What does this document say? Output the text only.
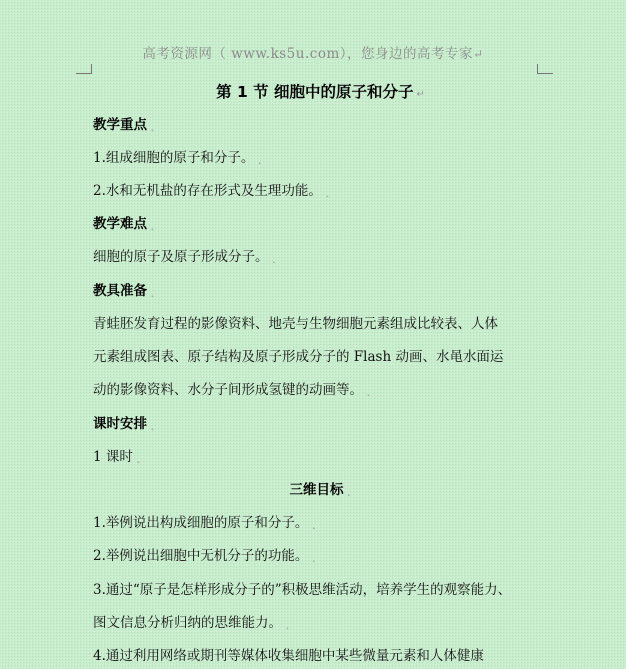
高考资源网（ www.ks5u.com），您身边的高考专家↵
第 1 节 细胞中的原子和分子 ↵
教学重点 ˛
1.组成细胞的原子和分子。 ˛
2.水和无机盐的存在形式及生理功能。 ˛
教学难点 ˛
细胞的原子及原子形成分子。 ˛
教具准备 ˛
青蛙胚发育过程的影像资料、地壳与生物细胞元素组成比较表、人体
元素组成图表、原子结构及原子形成分子的 Flash 动画、水黾水面运
动的影像资料、水分子间形成氢键的动画等。 ˛
课时安排 ˛
1 课时 ˛
三维目标 ˛
1.举例说出构成细胞的原子和分子。 ˛
2.举例说出细胞中无机分子的功能。 ˛
3.通过“原子是怎样形成分子的”积极思维活动，培养学生的观察能力、
图文信息分析归纳的思维能力。 ˛
4.通过利用网络或期刊等媒体收集细胞中某些微量元素和人体健康
